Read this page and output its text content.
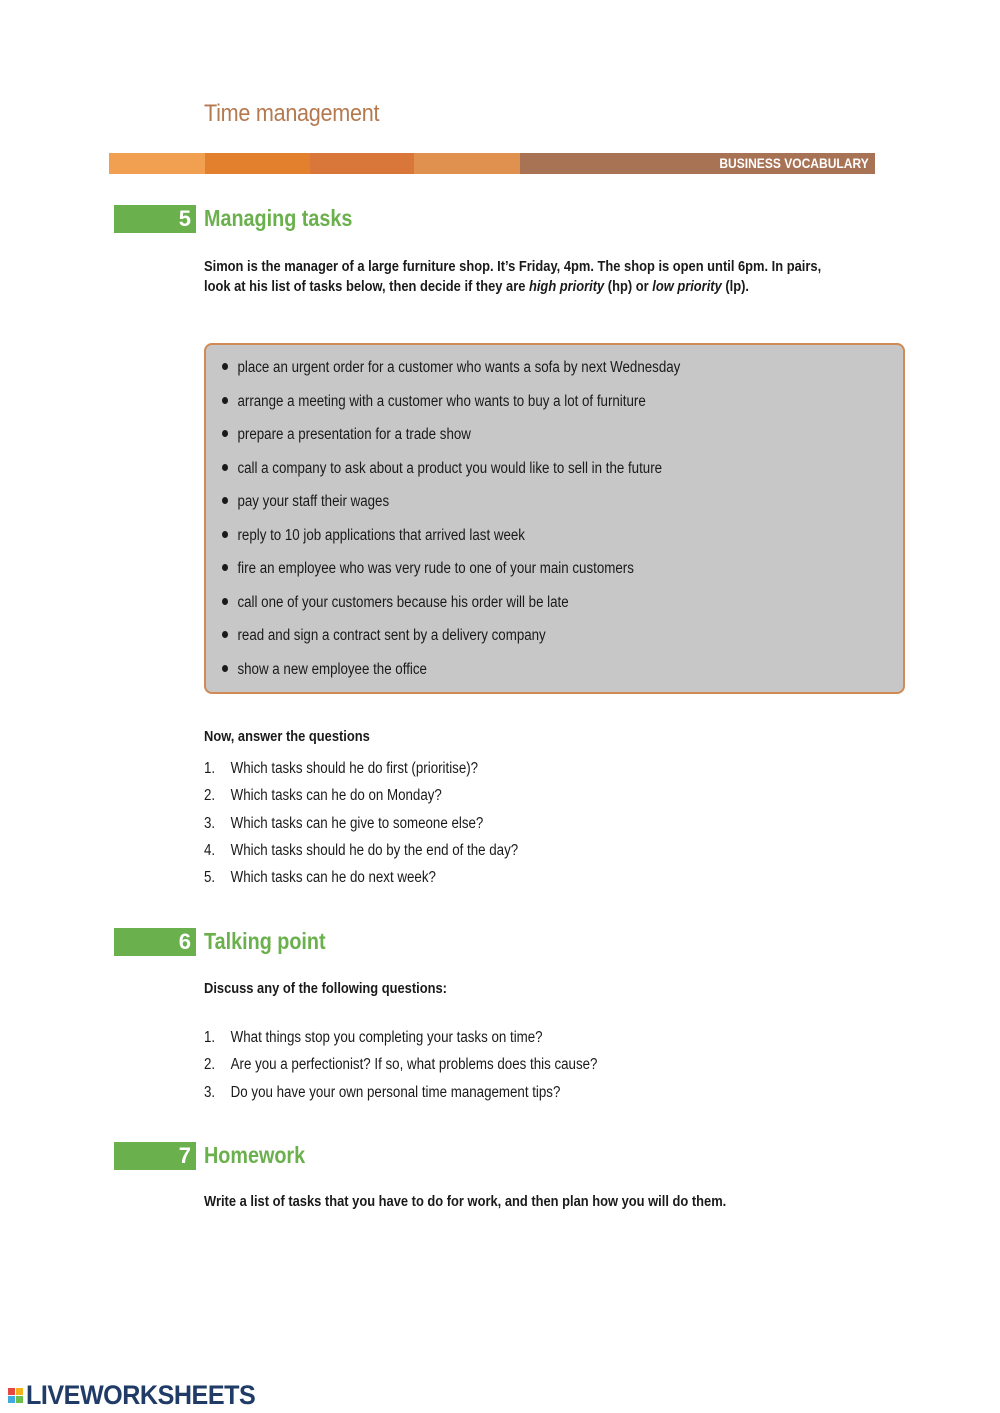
Time management
BUSINESS VOCABULARY
5 Managing tasks
Simon is the manager of a large furniture shop. It’s Friday, 4pm. The shop is open until 6pm. In pairs,
look at his list of tasks below, then decide if they are high priority (hp) or low priority (lp).
place an urgent order for a customer who wants a sofa by next Wednesday
arrange a meeting with a customer who wants to buy a lot of furniture
prepare a presentation for a trade show
call a company to ask about a product you would like to sell in the future
pay your staff their wages
reply to 10 job applications that arrived last week
fire an employee who was very rude to one of your main customers
call one of your customers because his order will be late
read and sign a contract sent by a delivery company
show a new employee the office
Now, answer the questions
1. Which tasks should he do first (prioritise)?
2. Which tasks can he do on Monday?
3. Which tasks can he give to someone else?
4. Which tasks should he do by the end of the day?
5. Which tasks can he do next week?
6 Talking point
Discuss any of the following questions:
1. What things stop you completing your tasks on time?
2. Are you a perfectionist? If so, what problems does this cause?
3. Do you have your own personal time management tips?
7 Homework
Write a list of tasks that you have to do for work, and then plan how you will do them.
LIVEWORKSHEETS
